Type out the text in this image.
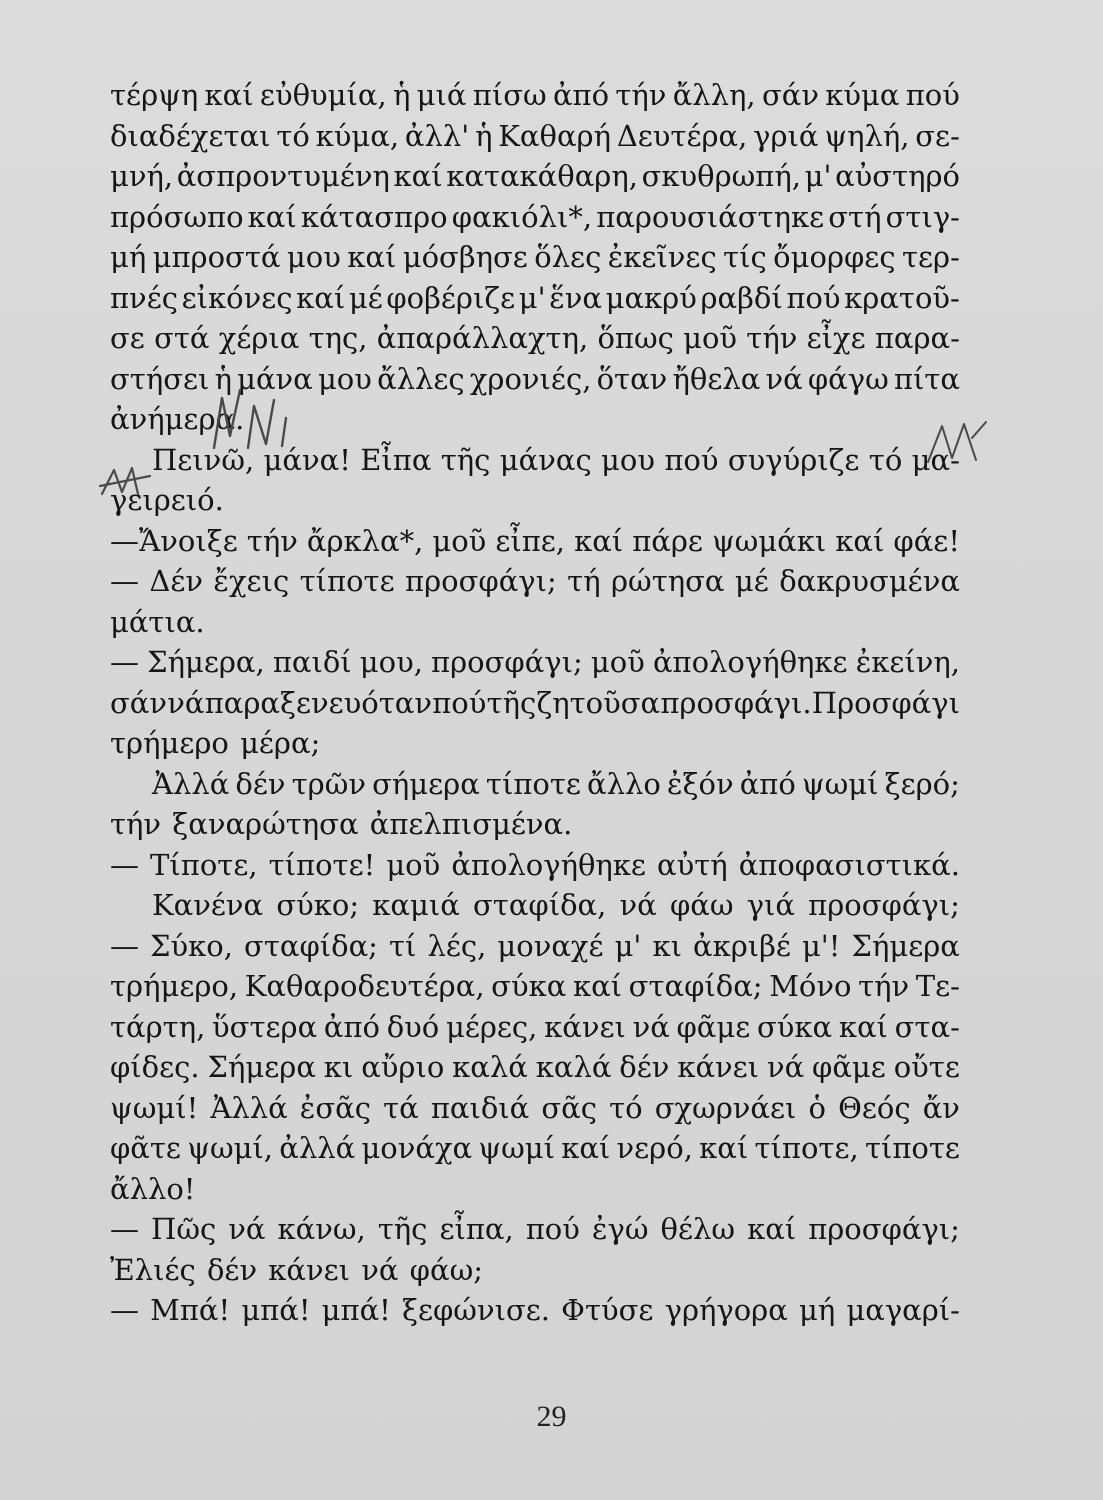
τέρψη καί εὐθυμία, ἡ μιά πίσω ἀπό τήν ἄλλη, σάν κύμα πού
διαδέχεται τό κύμα, ἀλλ' ἡ Καθαρή Δευτέρα, γριά ψηλή, σε-
μνή, ἀσπροντυμένη καί κατακάθαρη, σκυθρωπή, μ' αὐστηρό
πρόσωπο καί κάτασπρο φακιόλι*, παρουσιάστηκε στή στιγ-
μή μπροστά μου καί μόσβησε ὅλες ἐκεῖνες τίς ὄμορφες τερ-
πνές εἰκόνες καί μέ φοβέριζε μ' ἕνα μακρύ ραβδί πού κρατοῦ-
σε στά χέρια της, ἀπαράλλαχτη, ὅπως μοῦ τήν εἶχε παρα-
στήσει ἡ μάνα μου ἄλλες χρονιές, ὅταν ἤθελα νά φάγω πίτα
ἀνήμερα.
Πεινῶ, μάνα! Εἶπα τῆς μάνας μου πού συγύριζε τό μα-
γειρειό.
—Ἄνοιξε τήν ἄρκλα*, μοῦ εἶπε, καί πάρε ψωμάκι καί φάε!
— Δέν ἔχεις τίποτε προσφάγι; τή ρώτησα μέ δακρυσμένα
μάτια.
— Σήμερα, παιδί μου, προσφάγι; μοῦ ἀπολογήθηκε ἐκείνη,
σάν νά παραξενευόταν πού τῆς ζητοῦσα προσφάγι. Προσφάγι
τρήμερο μέρα;
Ἀλλά δέν τρῶν σήμερα τίποτε ἄλλο ἐξόν ἀπό ψωμί ξερό;
τήν ξαναρώτησα ἀπελπισμένα.
— Τίποτε, τίποτε! μοῦ ἀπολογήθηκε αὐτή ἀποφασιστικά.
Κανένα σύκο; καμιά σταφίδα, νά φάω γιά προσφάγι;
— Σύκο, σταφίδα; τί λές, μοναχέ μ' κι ἀκριβέ μ'! Σήμερα
τρήμερο, Καθαροδευτέρα, σύκα καί σταφίδα; Μόνο τήν Τε-
τάρτη, ὕστερα ἀπό δυό μέρες, κάνει νά φᾶμε σύκα καί στα-
φίδες. Σήμερα κι αὔριο καλά καλά δέν κάνει νά φᾶμε οὔτε
ψωμί! Ἀλλά ἐσᾶς τά παιδιά σᾶς τό σχωρνάει ὁ Θεός ἄν
φᾶτε ψωμί, ἀλλά μονάχα ψωμί καί νερό, καί τίποτε, τίποτε
ἄλλο!
— Πῶς νά κάνω, τῆς εἶπα, πού ἐγώ θέλω καί προσφάγι;
Ἐλιές δέν κάνει νά φάω;
— Μπά! μπά! μπά! ξεφώνισε. Φτύσε γρήγορα μή μαγαρί-
29
